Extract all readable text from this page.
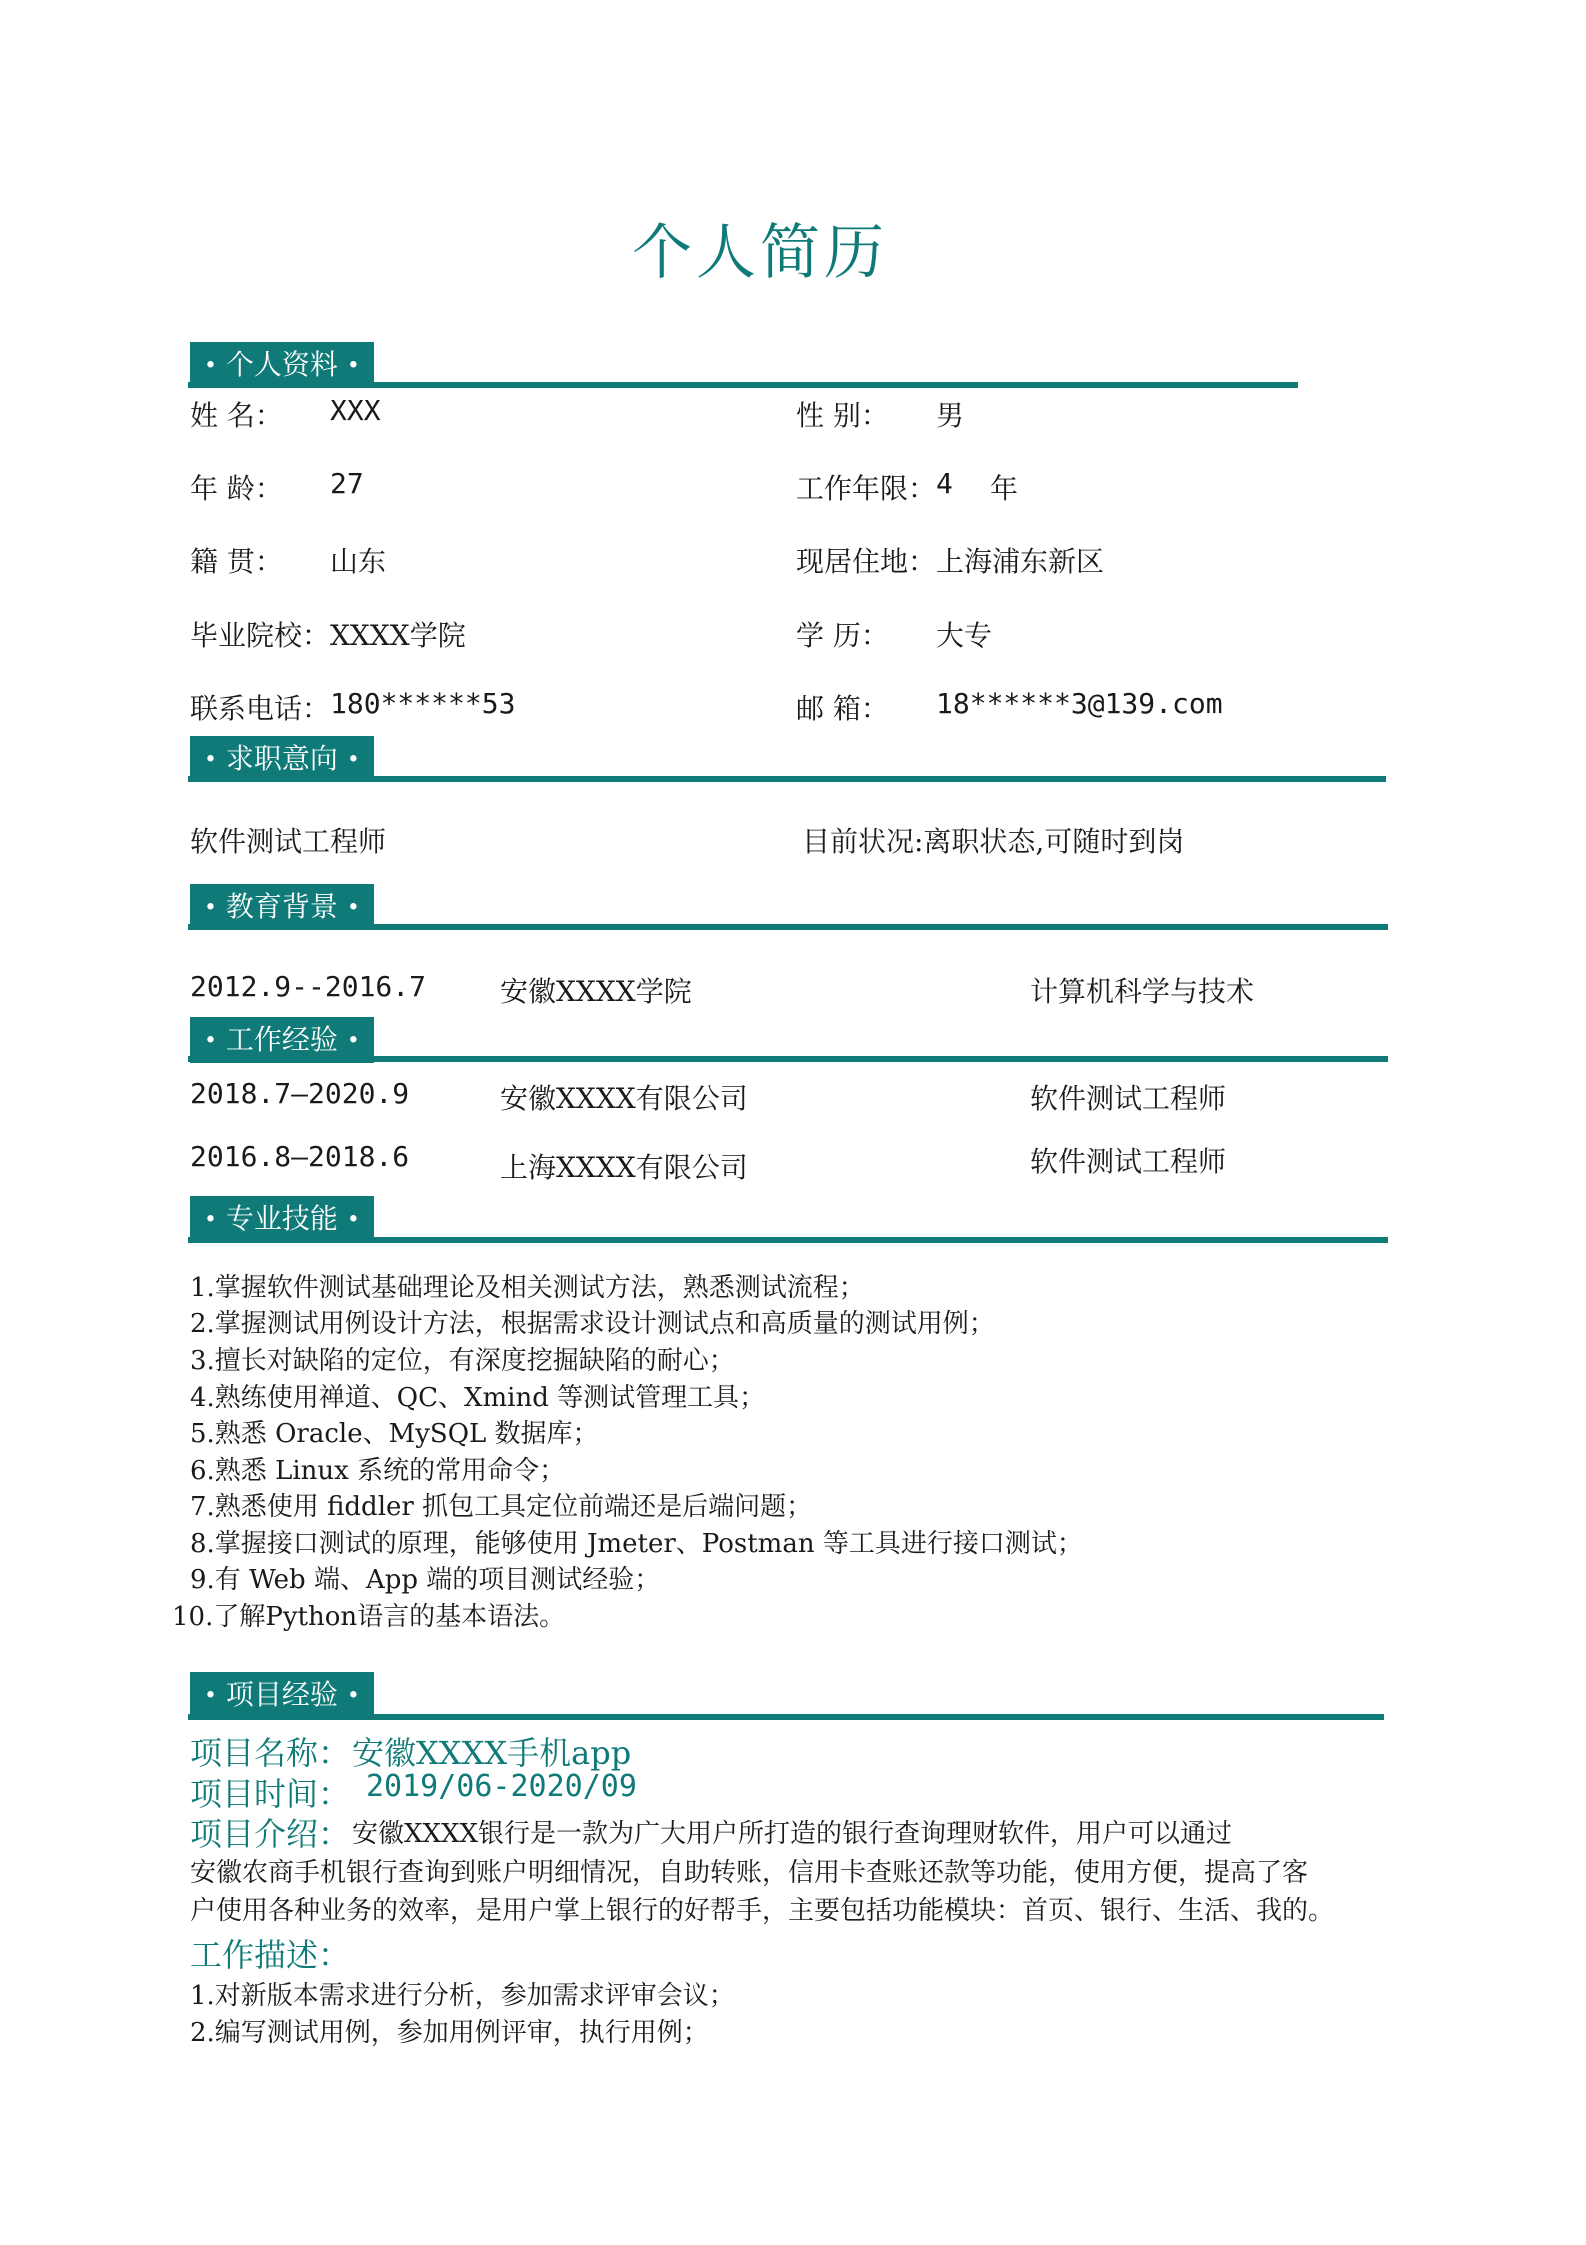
个人简历
• 个人资料 •
姓 名： XXX	性 别： 男
年 龄： 27	工作年限： 4 年
籍 贯： 山东	现居住地： 上海浦东新区
毕业院校： XXXX学院	学 历： 大专
联系电话： 180******53	邮 箱： 18******3@139.com
• 求职意向 •
软件测试工程师	目前状况:离职状态,可随时到岗
• 教育背景 •
2012.9--2016.7	安徽XXXX学院	计算机科学与技术
• 工作经验 •
2018.7—2020.9	安徽XXXX有限公司	软件测试工程师
2016.8—2018.6	上海XXXX有限公司	软件测试工程师
• 专业技能 •
1.掌握软件测试基础理论及相关测试方法，熟悉测试流程；
2.掌握测试用例设计方法，根据需求设计测试点和高质量的测试用例；
3.擅长对缺陷的定位，有深度挖掘缺陷的耐心；
4.熟练使用禅道、QC、Xmind 等测试管理工具；
5.熟悉 Oracle、MySQL 数据库；
6.熟悉 Linux 系统的常用命令；
7.熟悉使用 fiddler 抓包工具定位前端还是后端问题；
8.掌握接口测试的原理，能够使用 Jmeter、Postman 等工具进行接口测试；
9.有 Web 端、App 端的项目测试经验；
10.了解Python语言的基本语法。
• 项目经验 •
项目名称： 安徽XXXX手机app
项目时间： 2019/06-2020/09
项目介绍： 安徽XXXX银行是一款为广大用户所打造的银行查询理财软件，用户可以通过
安徽农商手机银行查询到账户明细情况，自助转账，信用卡查账还款等功能，使用方便，提高了客
户使用各种业务的效率，是用户掌上银行的好帮手，主要包括功能模块：首页、银行、生活、我的。
工作描述：
1.对新版本需求进行分析，参加需求评审会议；
2.编写测试用例，参加用例评审，执行用例；
